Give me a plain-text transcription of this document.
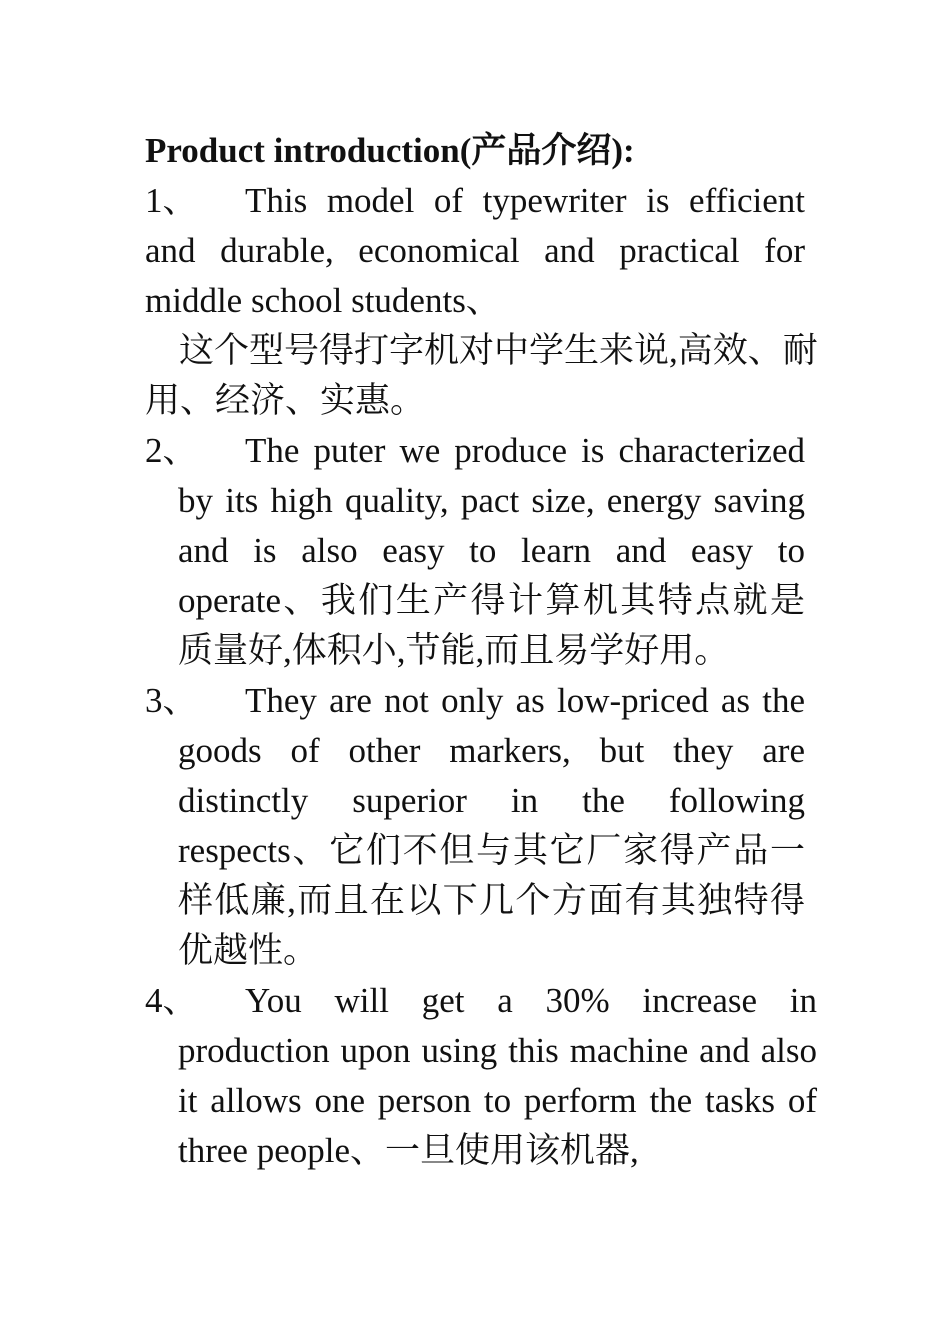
Product introduction(产品介绍):

1、	This model of typewriter is efficient and durable, economical and practical for middle school students、

这个型号得打字机对中学生来说,高效、耐用、经济、实惠。

2、	The puter we produce is characterized by its high quality, pact size, energy saving and is also easy to learn and easy to operate、我们生产得计算机其特点就是质量好,体积小,节能,而且易学好用。
3、	They are not only as low-priced as the goods of other markers, but they are distinctly superior in the following respects、它们不但与其它厂家得产品一样低廉,而且在以下几个方面有其独特得优越性。
4、	You will get a 30% increase in production upon using this machine and also it allows one person to perform the tasks of three people、一旦使用该机器,
